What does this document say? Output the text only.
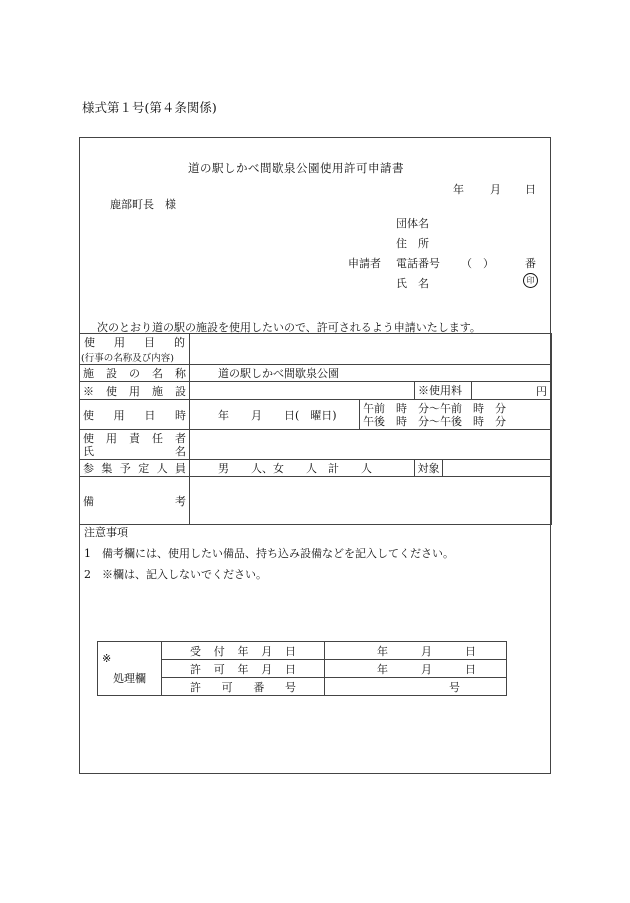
様式第１号(第４条関係)
道の駅しかべ間歇泉公園使用許可申請書
年 月 日
鹿部町長　様
団体名
住　所
申請者 電話番号 （　）	番
氏　名	印
次のとおり道の駅の施設を使用したいので、許可されるよう申請いたします。
使用目的
(行事の名称及び内容)				

施設の名称	道の駅しかべ間歇泉公園			
※使用施設			※使用料 円	

使用日時	年　　月　　日(　曜日)	午前　時　分～午前　時　分
午後　時　分～午後　時　分		

使用責任者
氏名				

参集予定人員	男　　人、女　　人　計　　人		対象	
備考				
注意事項
1　備考欄には、使用したい備品、持ち込み設備などを記入してください。
2　※欄は、記入しないでください。
※
処理欄	受付年月日	年　　　月　　　日
	許可年月日	年　　　月　　　日
	許可番号	号
